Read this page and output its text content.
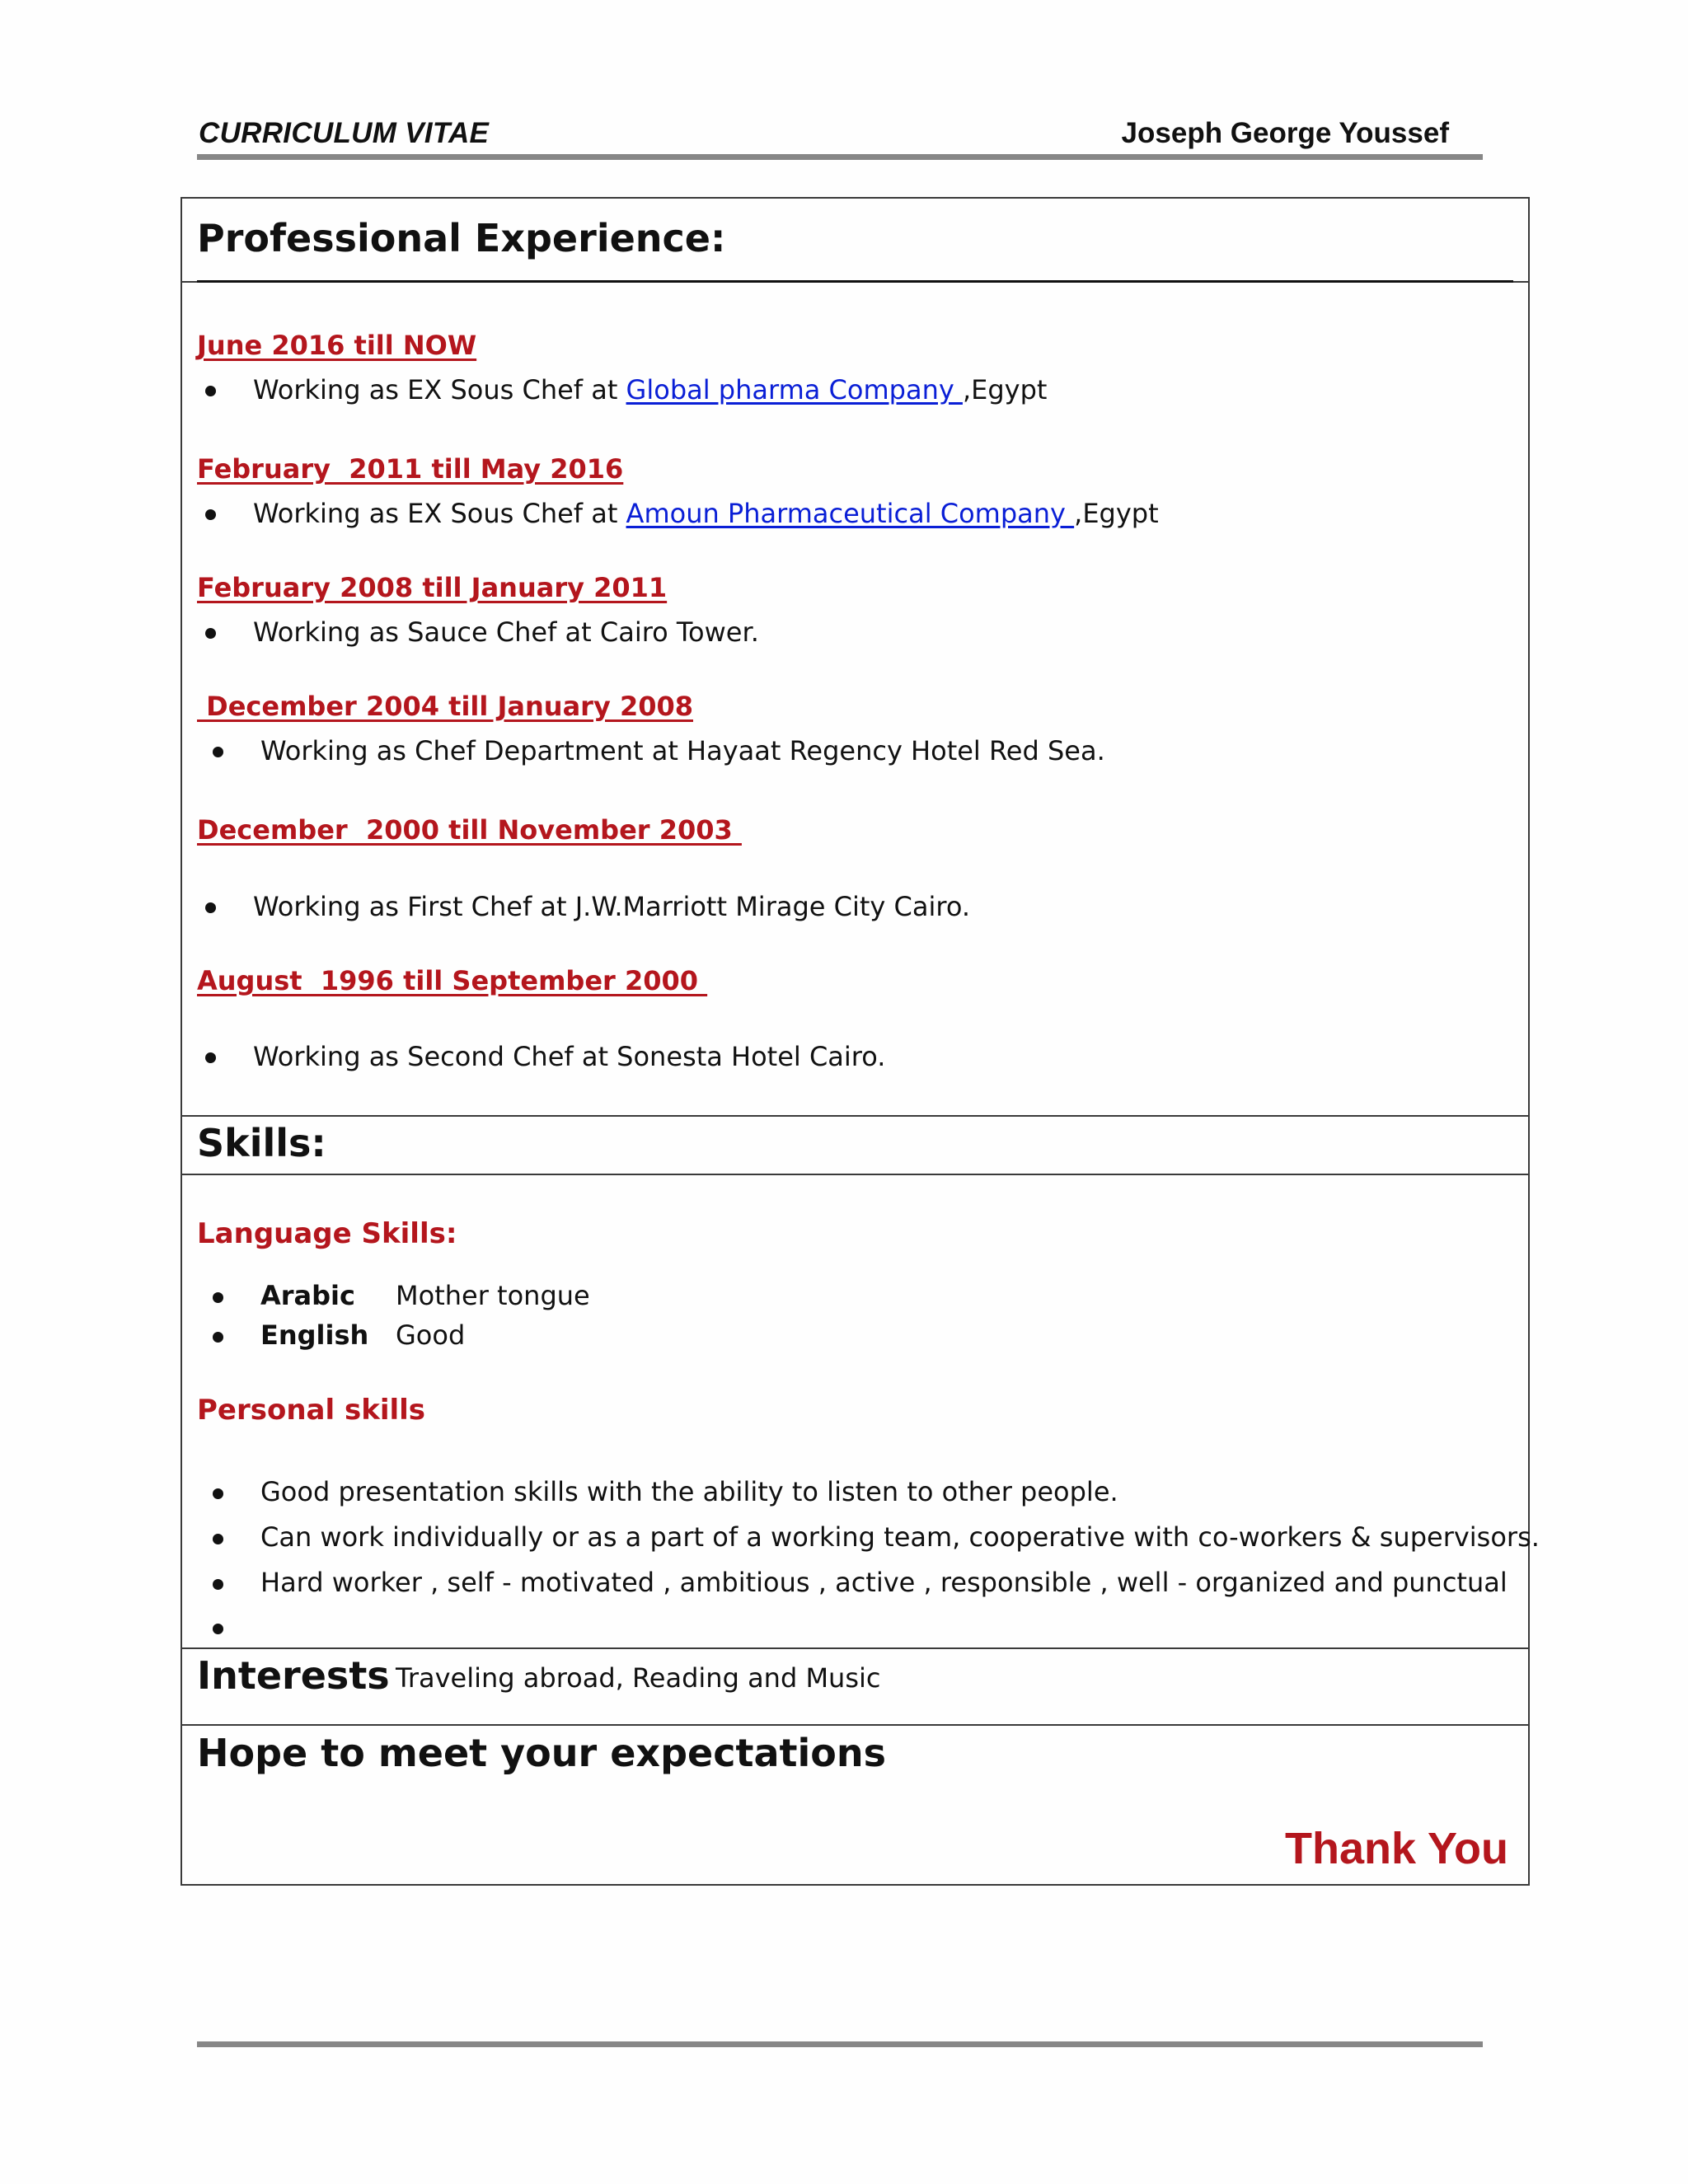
CURRICULUM VITAE	Joseph George Youssef
Professional Experience:
June 2016 till NOW
Working as EX Sous Chef at Global pharma Company ,Egypt
February  2011 till May 2016
Working as EX Sous Chef at Amoun Pharmaceutical Company ,Egypt
February 2008 till January 2011
Working as Sauce Chef at Cairo Tower.
December 2004 till January 2008
Working as Chef Department at Hayaat Regency Hotel Red Sea.
December  2000 till November 2003
Working as First Chef at J.W.Marriott Mirage City Cairo.
August  1996 till September 2000
Working as Second Chef at Sonesta Hotel Cairo.
Skills:
Language Skills:
Arabic Mother tongue
English Good
Personal skills
Good presentation skills with the ability to listen to other people.
Can work individually or as a part of a working team, cooperative with co-workers & supervisors.
Hard worker , self - motivated , ambitious , active , responsible , well - organized and punctual
Interests Traveling abroad, Reading and Music
Hope to meet your expectations
Thank You
